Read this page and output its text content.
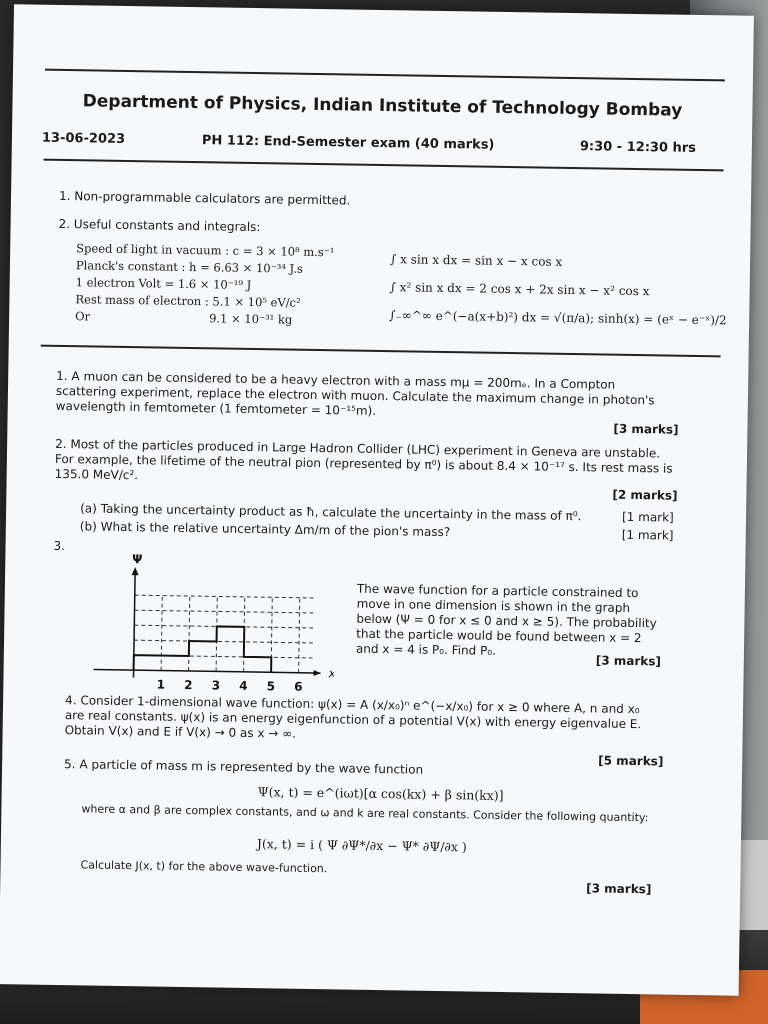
Department of Physics, Indian Institute of Technology Bombay
13-06-2023	PH 112: End-Semester exam (40 marks)	9:30 - 12:30 hrs
1. Non-programmable calculators are permitted.
2. Useful constants and integrals:
Speed of light in vacuum : c = 3 × 10⁸ m.s⁻¹
Planck's constant : h = 6.63 × 10⁻³⁴ J.s
1 electron Volt = 1.6 × 10⁻¹⁹ J
Rest mass of electron : 5.1 × 10⁵ eV/c²
Or	9.1 × 10⁻³¹ kg
∫ x sin x dx = sin x − x cos x
∫ x² sin x dx = 2 cos x + 2x sin x − x² cos x
∫₋∞^∞ e^(−a(x+b)²) dx = √(π/a); sinh(x) = (eˣ − e⁻ˣ)/2
1. A muon can be considered to be a heavy electron with a mass mμ = 200mₑ. In a Compton scattering experiment, replace the electron with muon. Calculate the maximum change in photon's wavelength in femtometer (1 femtometer = 10⁻¹⁵m).
[3 marks]
2. Most of the particles produced in Large Hadron Collider (LHC) experiment in Geneva are unstable. For example, the lifetime of the neutral pion (represented by π⁰) is about 8.4 × 10⁻¹⁷ s. Its rest mass is 135.0 MeV/c².
[2 marks]
(a) Taking the uncertainty product as ħ, calculate the uncertainty in the mass of π⁰.	[1 mark]
(b) What is the relative uncertainty Δm/m of the pion's mass?	[1 mark]
3.
1 2 3 4 5 6
Ψ
x
The wave function for a particle constrained to move in one dimension is shown in the graph below (Ψ = 0 for x ≤ 0 and x ≥ 5). The probability that the particle would be found between x = 2 and x = 4 is P₀. Find P₀.
[3 marks]
4. Consider 1-dimensional wave function: ψ(x) = A (x/x₀)ⁿ e^(−x/x₀) for x ≥ 0 where A, n and x₀ are real constants. ψ(x) is an energy eigenfunction of a potential V(x) with energy eigenvalue E. Obtain V(x) and E if V(x) → 0 as x → ∞.
[5 marks]
5. A particle of mass m is represented by the wave function
Ψ(x, t) = e^(iωt)[α cos(kx) + β sin(kx)]
where α and β are complex constants, and ω and k are real constants. Consider the following quantity:
J(x, t) = i ( Ψ ∂Ψ*/∂x − Ψ* ∂Ψ/∂x )
Calculate J(x, t) for the above wave-function.
[3 marks]
